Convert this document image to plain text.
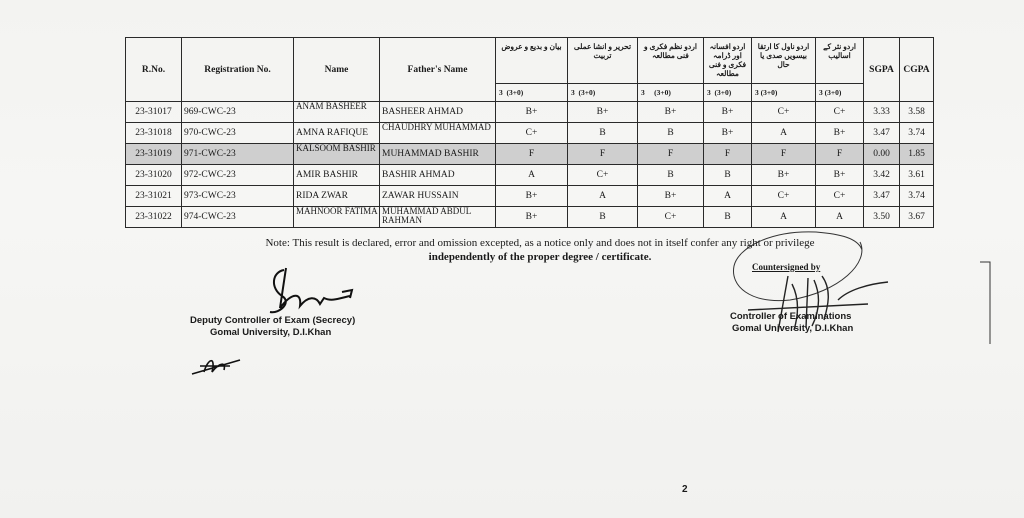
R.No.	Registration No.	Name	Father's Name	بیان و بدیع و عروض	تحریر و انشا عملی تربیت	اردو نظم فکری و فنی مطالعہ	اردو افسانہ اور ڈرامہ فکری و فنی مطالعہ	اردو ناول کا ارتقا بیسویں صدی یا حال	اردو نثر کے اسالیب	SGPA	CGPA
				3 (3+0)	3 (3+0)	3 (3+0)	3 (3+0)	3 (3+0)	3 (3+0)		
23-31017	969-CWC-23	ANAM BASHEER	BASHEER AHMAD	B+	B+	B+	B+	C+	C+	3.33	3.58
23-31018	970-CWC-23	AMNA RAFIQUE	CHAUDHRY MUHAMMAD	C+	B	B	B+	A	B+	3.47	3.74
23-31019	971-CWC-23	KALSOOM BASHIR	MUHAMMAD BASHIR	F	F	F	F	F	F	0.00	1.85
23-31020	972-CWC-23	AMIR BASHIR	BASHIR AHMAD	A	C+	B	B	B+	B+	3.42	3.61
23-31021	973-CWC-23	RIDA ZWAR	ZAWAR HUSSAIN	B+	A	B+	A	C+	C+	3.47	3.74
23-31022	974-CWC-23	MAHNOOR FATIMA	MUHAMMAD ABDUL RAHMAN	B+	B	C+	B	A	A	3.50	3.67
Note: This result is declared, error and omission excepted, as a notice only and does not in itself confer any right or privilege
independently of the proper degree / certificate.
Deputy Controller of Exam (Secrecy)
Gomal University, D.I.Khan
Countersigned by
Controller of Examinations
Gomal University, D.I.Khan
2
